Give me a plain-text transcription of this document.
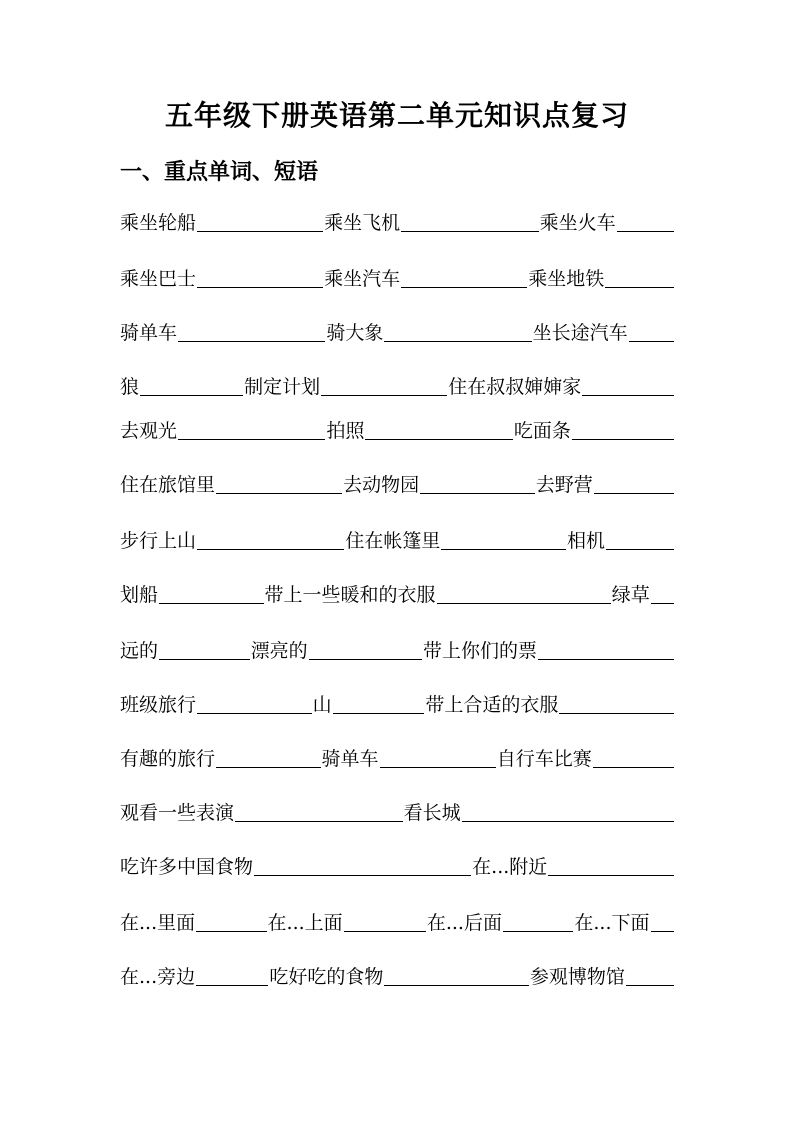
五年级下册英语第二单元知识点复习
一、重点单词、短语
乘坐轮船	乘坐飞机	乘坐火车
乘坐巴士	乘坐汽车	乘坐地铁
骑单车	骑大象	坐长途汽车
狼	制定计划	住在叔叔婶婶家
去观光	拍照	吃面条
住在旅馆里	去动物园	去野营
步行上山	住在帐篷里	相机
划船	带上一些暖和的衣服	绿草
远的	漂亮的	带上你们的票
班级旅行	山	带上合适的衣服
有趣的旅行	骑单车	自行车比赛
观看一些表演	看长城
吃许多中国食物	在...附近
在...里面	在...上面	在...后面	在...下面
在...旁边	吃好吃的食物	参观博物馆
